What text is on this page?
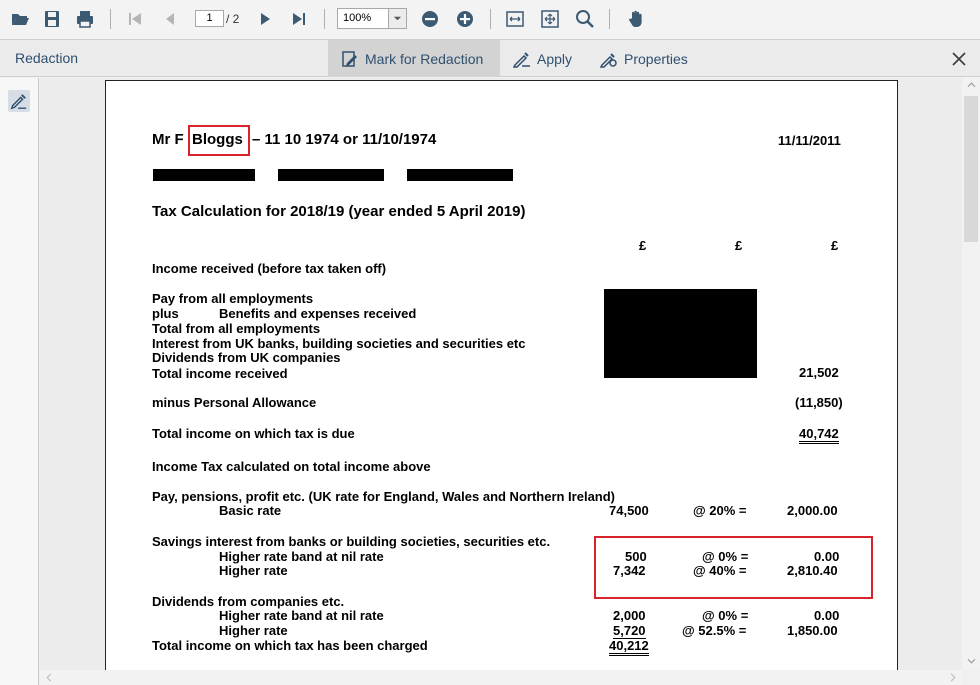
1	/ 2	100%
Redaction	Mark for Redaction	Apply	Properties
Mr F Bloggs – 11 10 1974 or 11/10/1974	11/11/2011
Tax Calculation for 2018/19 (year ended 5 April 2019)
£	£	£
Income received (before tax taken off)
Pay from all employments
plus	Benefits and expenses received
Total from all employments
Interest from UK banks, building societies and securities etc
Dividends from UK companies
Total income received	21,502
minus Personal Allowance	(11,850)
Total income on which tax is due	40,742
Income Tax calculated on total income above
Pay, pensions, profit etc. (UK rate for England, Wales and Northern Ireland)
Basic rate	74,500	@ 20% =	2,000.00
Savings interest from banks or building societies, securities etc.
Higher rate band at nil rate	500	@ 0% =	0.00
Higher rate	7,342	@ 40% =	2,810.40
Dividends from companies etc.
Higher rate band at nil rate	2,000	@ 0% =	0.00
Higher rate	5,720	@ 52.5% =	1,850.00
Total income on which tax has been charged	40,212
